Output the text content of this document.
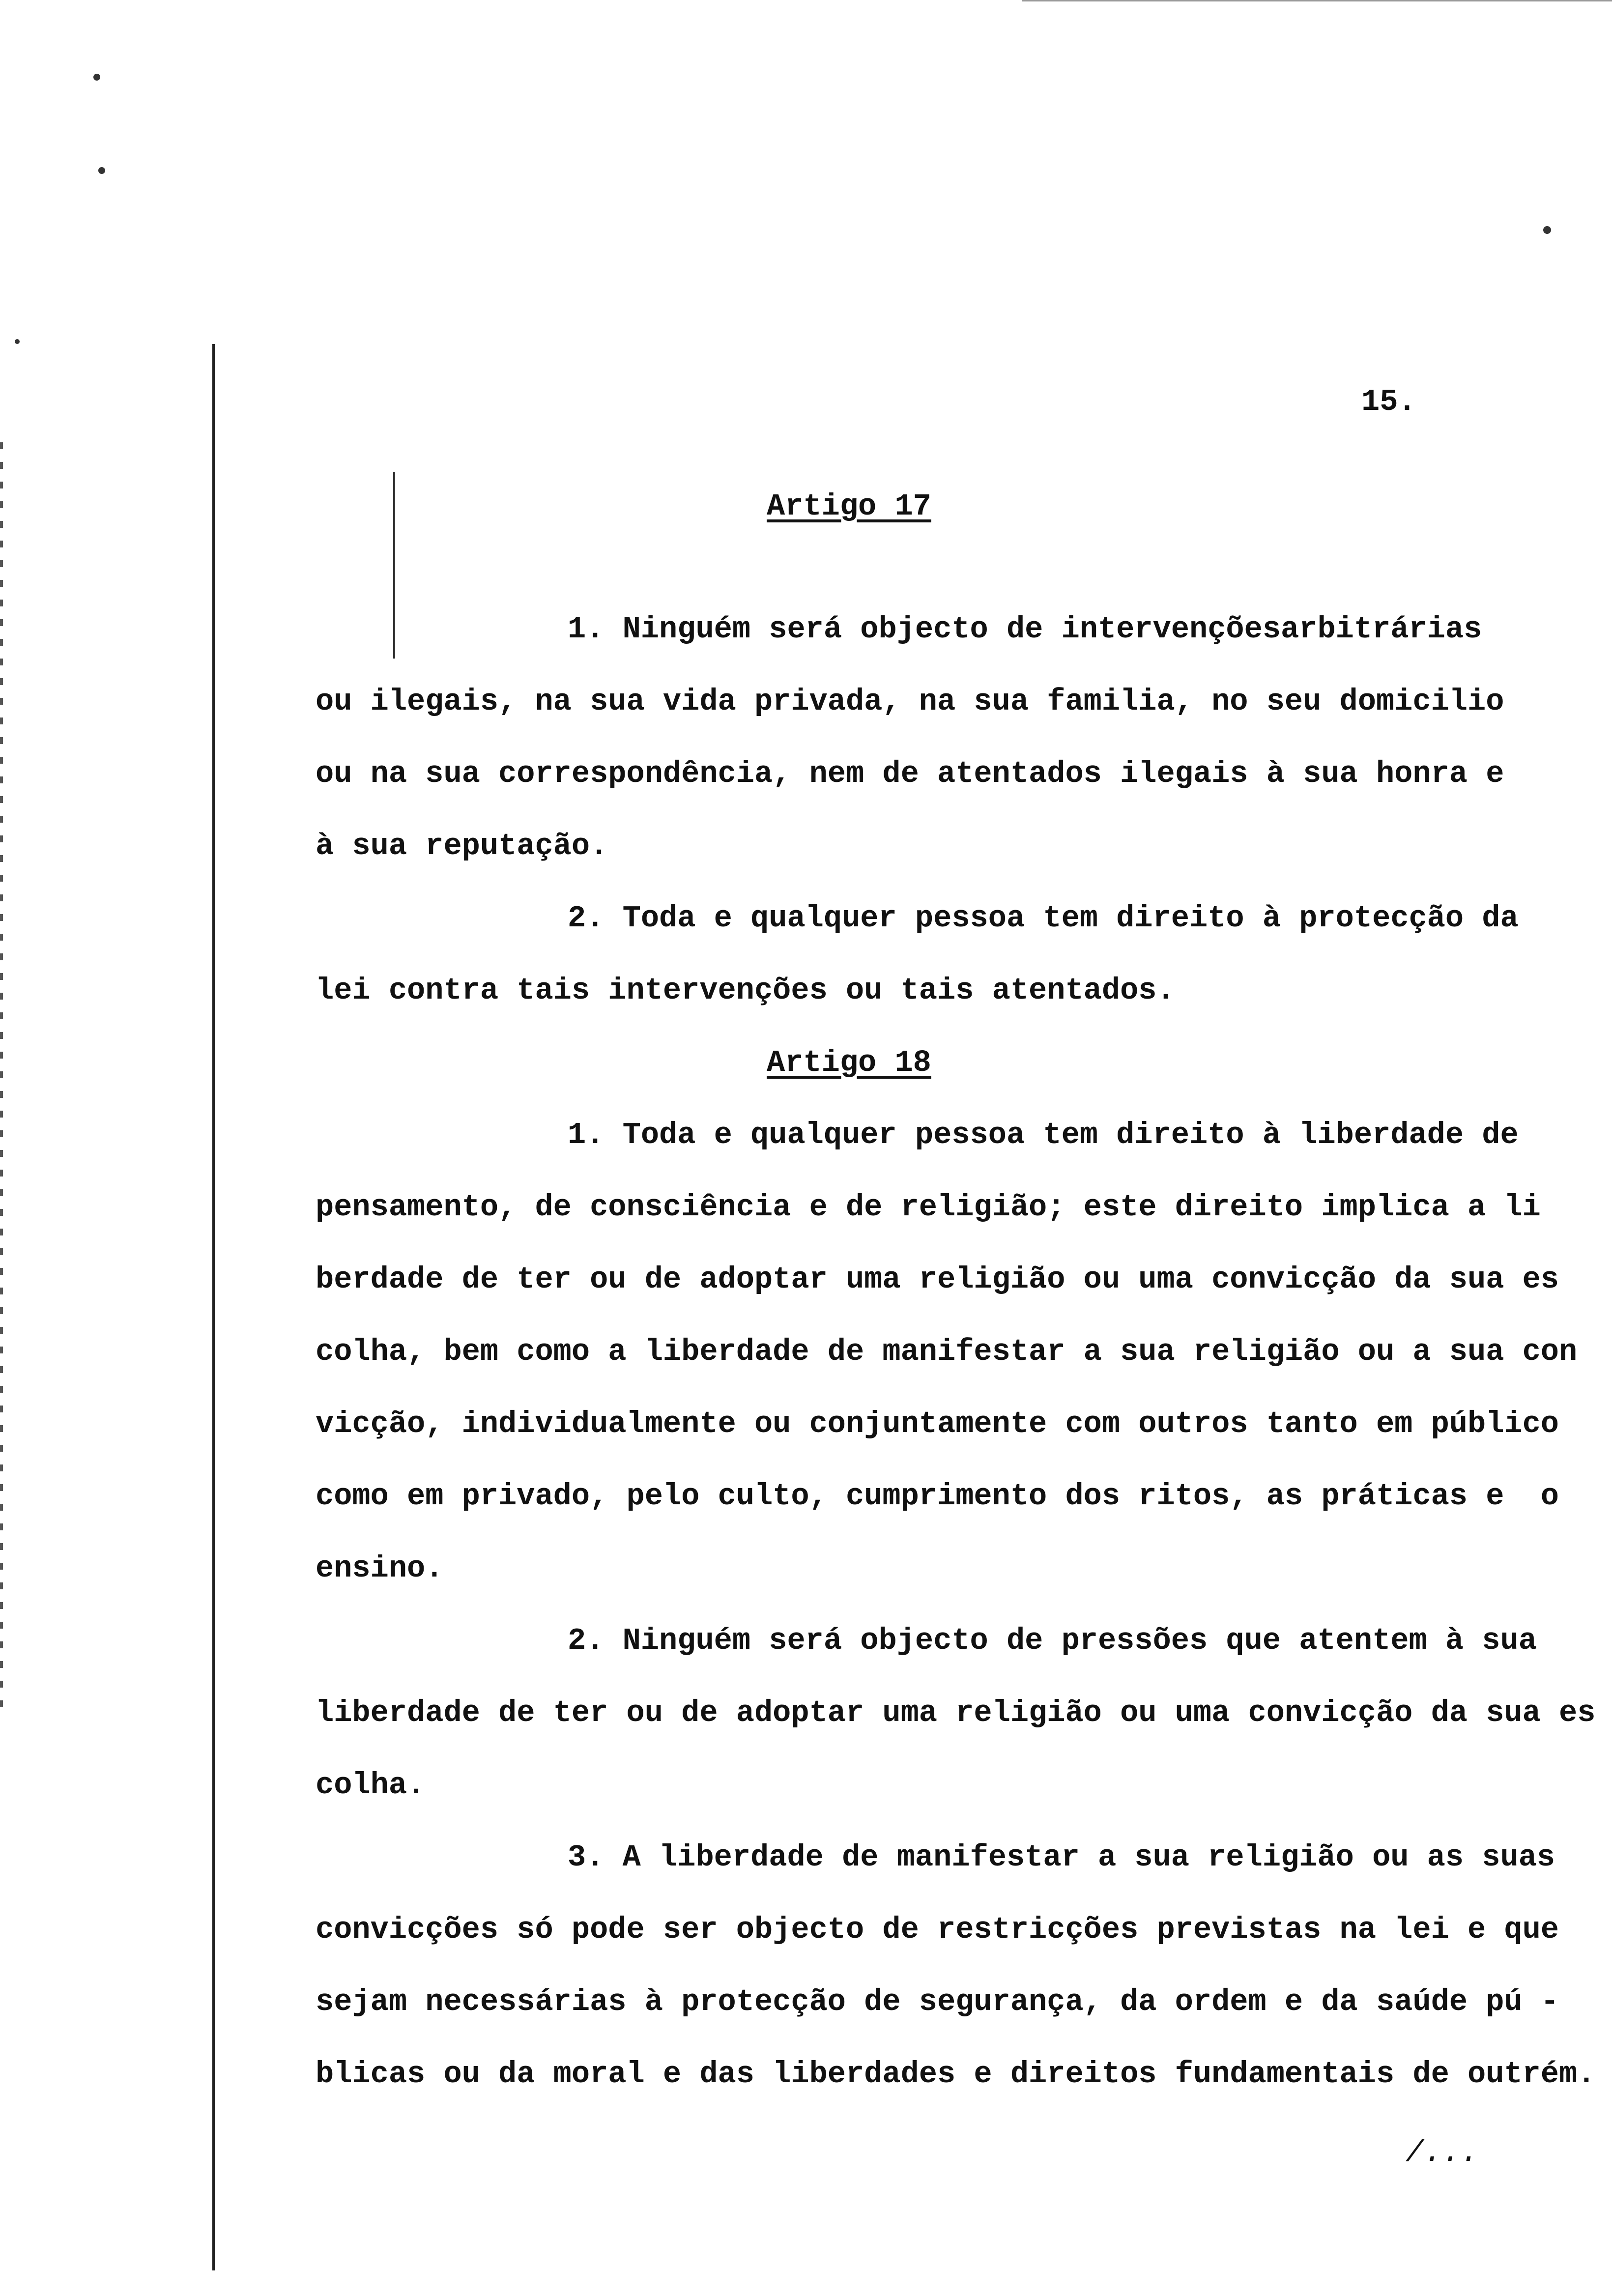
15.
Artigo 17
1. Ninguém será objecto de intervençõesarbitrárias
ou ilegais, na sua vida privada, na sua familia, no seu domicilio
ou na sua correspondência, nem de atentados ilegais à sua honra e
à sua reputação.
2. Toda e qualquer pessoa tem direito à protecção da
lei contra tais intervenções ou tais atentados.
Artigo 18
1. Toda e qualquer pessoa tem direito à liberdade de
pensamento, de consciência e de religião; este direito implica a li
berdade de ter ou de adoptar uma religião ou uma convicção da sua es
colha, bem como a liberdade de manifestar a sua religião ou a sua con
vicção, individualmente ou conjuntamente com outros tanto em público
como em privado, pelo culto, cumprimento dos ritos, as práticas e  o
ensino.
2. Ninguém será objecto de pressões que atentem à sua
liberdade de ter ou de adoptar uma religião ou uma convicção da sua es
colha.
3. A liberdade de manifestar a sua religião ou as suas
convicções só pode ser objecto de restricções previstas na lei e que
sejam necessárias à protecção de segurança, da ordem e da saúde pú -
blicas ou da moral e das liberdades e direitos fundamentais de outrém.
/...
